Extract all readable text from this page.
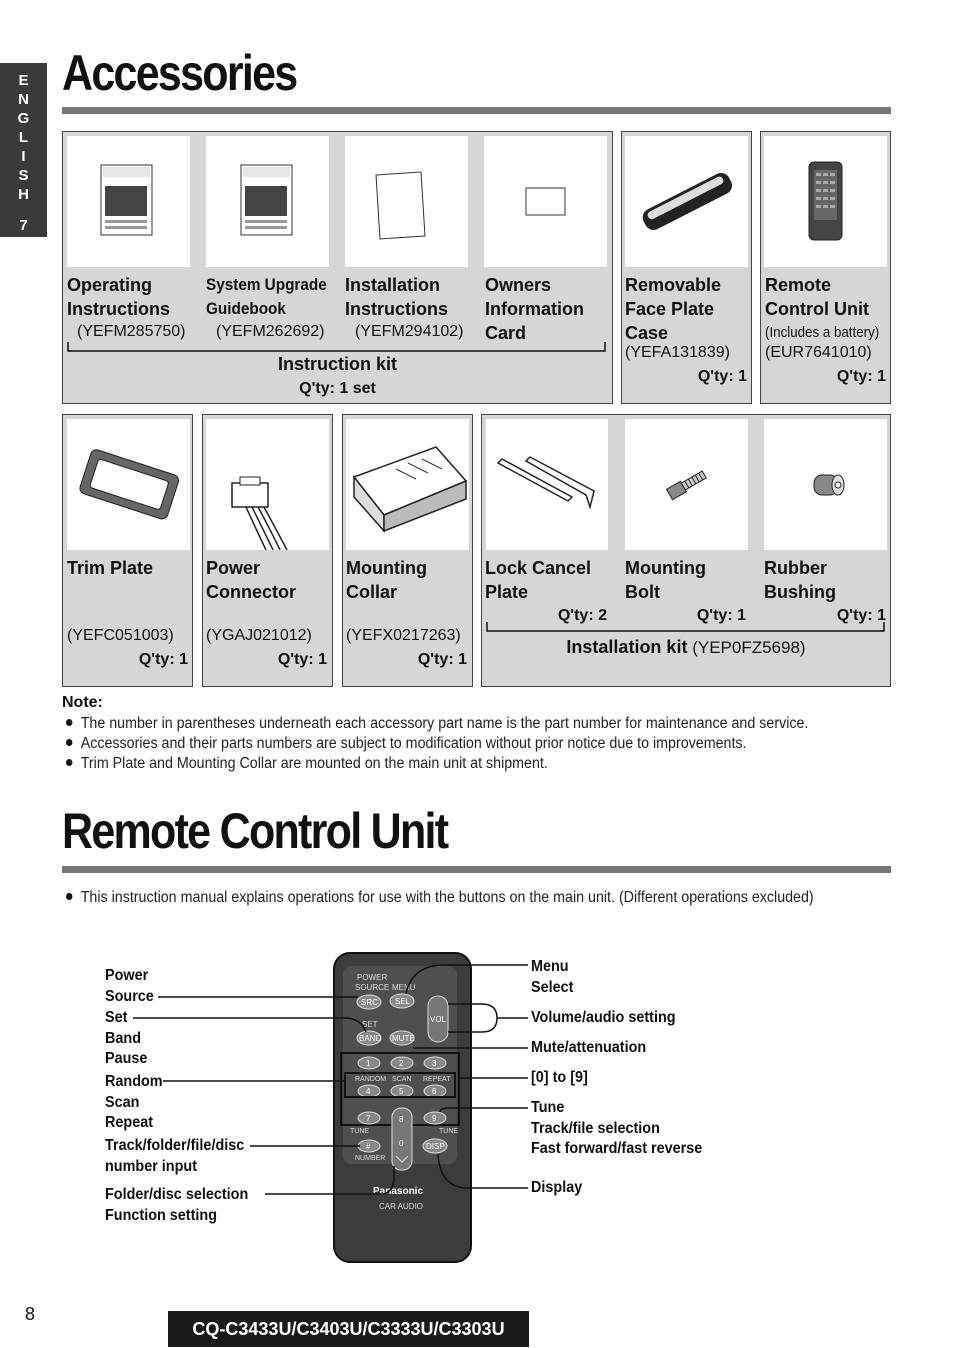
E
N
G
L
I
S
H
7
Accessories
Operating
Instructions
(YEFM285750)
System Upgrade
Guidebook
(YEFM262692)
Installation
Instructions
(YEFM294102)
Owners
Information
Card
Instruction kit
Q'ty: 1 set
Removable
Face Plate
Case
(YEFA131839)
Q'ty: 1
Remote
Control Unit
(Includes a battery)
(EUR7641010)
Q'ty: 1
Trim Plate
(YEFC051003)
Q'ty: 1
Power
Connector
(YGAJ021012)
Q'ty: 1
Mounting
Collar
(YEFX0217263)
Q'ty: 1
Lock Cancel
Plate
Q'ty: 2
Mounting
Bolt
Q'ty: 1
Rubber
Bushing
Q'ty: 1
Installation kit (YEP0FZ5698)
Note:
The number in parentheses underneath each accessory part name is the part number for maintenance and service.
Accessories and their parts numbers are subject to modification without prior notice due to improvements.
Trim Plate and Mounting Collar are mounted on the main unit at shipment.
Remote Control Unit
This instruction manual explains operations for use with the buttons on the main unit. (Different operations excluded)
POWER
SOURCE MENU
SRC SEL
VOL
SET
BAND MUTE
1	2	3
4	5	6
7	9
RANDOM SCAN REPEAT
TUNE	TUNE
NUMBER
8
0
#	DISP
Panasonic
CAR AUDIO
Power
Source
Set
Band
Pause
Random
Scan
Repeat
Track/folder/file/disc
number input
Folder/disc selection
Function setting
Menu
Select
Volume/audio setting
Mute/attenuation
[0] to [9]
Tune
Track/file selection
Fast forward/fast reverse
Display
8
CQ-C3433U/C3403U/C3333U/C3303U
